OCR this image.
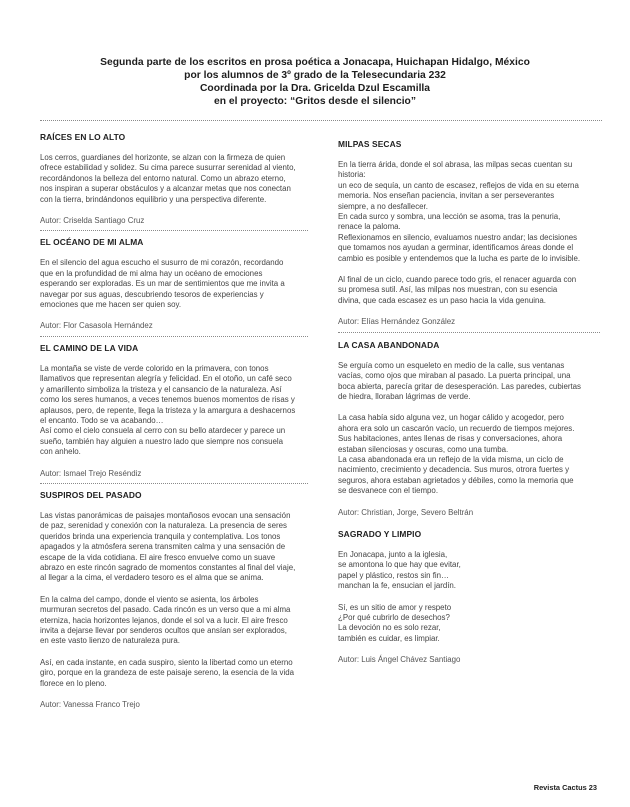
Segunda parte de los escritos en prosa poética a Jonacapa, Huichapan Hidalgo, México
por los alumnos de 3º grado de la Telesecundaria 232
Coordinada por la Dra. Gricelda Dzul Escamilla
en el proyecto: “Gritos desde el silencio”
RAÍCES EN LO ALTO

Los cerros, guardianes del horizonte, se alzan con la firmeza de quien

ofrece estabilidad y solidez. Su cima parece susurrar serenidad al viento,

recordándonos la belleza del entorno natural. Como un abrazo eterno,

nos inspiran a superar obstáculos y a alcanzar metas que nos conectan

con la tierra, brindándonos equilibrio y una perspectiva diferente.

Autor: Criselda Santiago Cruz

EL OCÉANO DE MI ALMA

En el silencio del agua escucho el susurro de mi corazón, recordando

que en la profundidad de mi alma hay un océano de emociones

esperando ser exploradas. Es un mar de sentimientos que me invita a

navegar por sus aguas, descubriendo tesoros de experiencias y

emociones que me hacen ser quien soy.

Autor: Flor Casasola Hernández

EL CAMINO DE LA VIDA

La montaña se viste de verde colorido en la primavera, con tonos

llamativos que representan alegría y felicidad. En el otoño, un café seco

y amarillento simboliza la tristeza y el cansancio de la naturaleza. Así

como los seres humanos, a veces tenemos buenos momentos de risas y

aplausos, pero, de repente, llega la tristeza y la amargura a deshacernos

el encanto. Todo se va acabando…

Así como el cielo consuela al cerro con su bello atardecer y parece un

sueño, también hay alguien a nuestro lado que siempre nos consuela

con anhelo.

Autor: Ismael Trejo Reséndiz

SUSPIROS DEL PASADO

Las vistas panorámicas de paisajes montañosos evocan una sensación

de paz, serenidad y conexión con la naturaleza. La presencia de seres

queridos brinda una experiencia tranquila y contemplativa. Los tonos

apagados y la atmósfera serena transmiten calma y una sensación de

escape de la vida cotidiana. El aire fresco envuelve como un suave

abrazo en este rincón sagrado de momentos constantes al final del viaje,

al llegar a la cima, el verdadero tesoro es el alma que se anima.

En la calma del campo, donde el viento se asienta, los árboles

murmuran secretos del pasado. Cada rincón es un verso que a mi alma

eterniza, hacia horizontes lejanos, donde el sol va a lucir. El aire fresco

invita a dejarse llevar por senderos ocultos que ansían ser explorados,

en este vasto lienzo de naturaleza pura.

Así, en cada instante, en cada suspiro, siento la libertad como un eterno

giro, porque en la grandeza de este paisaje sereno, la esencia de la vida

florece en lo pleno.

Autor: Vanessa Franco Trejo

MILPAS SECAS

En la tierra árida, donde el sol abrasa, las milpas secas cuentan su

historia:

un eco de sequía, un canto de escasez, reflejos de vida en su eterna

memoria. Nos enseñan paciencia, invitan a ser perseverantes

siempre, a no desfallecer.

En cada surco y sombra, una lección se asoma, tras la penuria,

renace la paloma.

Reflexionamos en silencio, evaluamos nuestro andar; las decisiones

que tomamos nos ayudan a germinar, identificamos áreas donde el

cambio es posible y entendemos que la lucha es parte de lo invisible.

Al final de un ciclo, cuando parece todo gris, el renacer aguarda con

su promesa sutil. Así, las milpas nos muestran, con su esencia

divina, que cada escasez es un paso hacia la vida genuina.

Autor: Elías Hernández González

LA CASA ABANDONADA

Se erguía como un esqueleto en medio de la calle, sus ventanas

vacías, como ojos que miraban al pasado. La puerta principal, una

boca abierta, parecía gritar de desesperación. Las paredes, cubiertas

de hiedra, lloraban lágrimas de verde.

La casa había sido alguna vez, un hogar cálido y acogedor, pero

ahora era solo un cascarón vacío, un recuerdo de tiempos mejores.

Sus habitaciones, antes llenas de risas y conversaciones, ahora

estaban silenciosas y oscuras, como una tumba.

La casa abandonada era un reflejo de la vida misma, un ciclo de

nacimiento, crecimiento y decadencia. Sus muros, otrora fuertes y

seguros, ahora estaban agrietados y débiles, como la memoria que

se desvanece con el tiempo.

Autor: Christian, Jorge, Severo Beltrán

SAGRADO Y LIMPIO

En Jonacapa, junto a la iglesia,

se amontona lo que hay que evitar,

papel y plástico, restos sin fin…

manchan la fe, ensucian el jardín.

Sí, es un sitio de amor y respeto

¿Por qué cubrirlo de desechos?

La devoción no es solo rezar,

también es cuidar, es limpiar.

Autor: Luis Ángel Chávez Santiago

Revista Cactus 23
